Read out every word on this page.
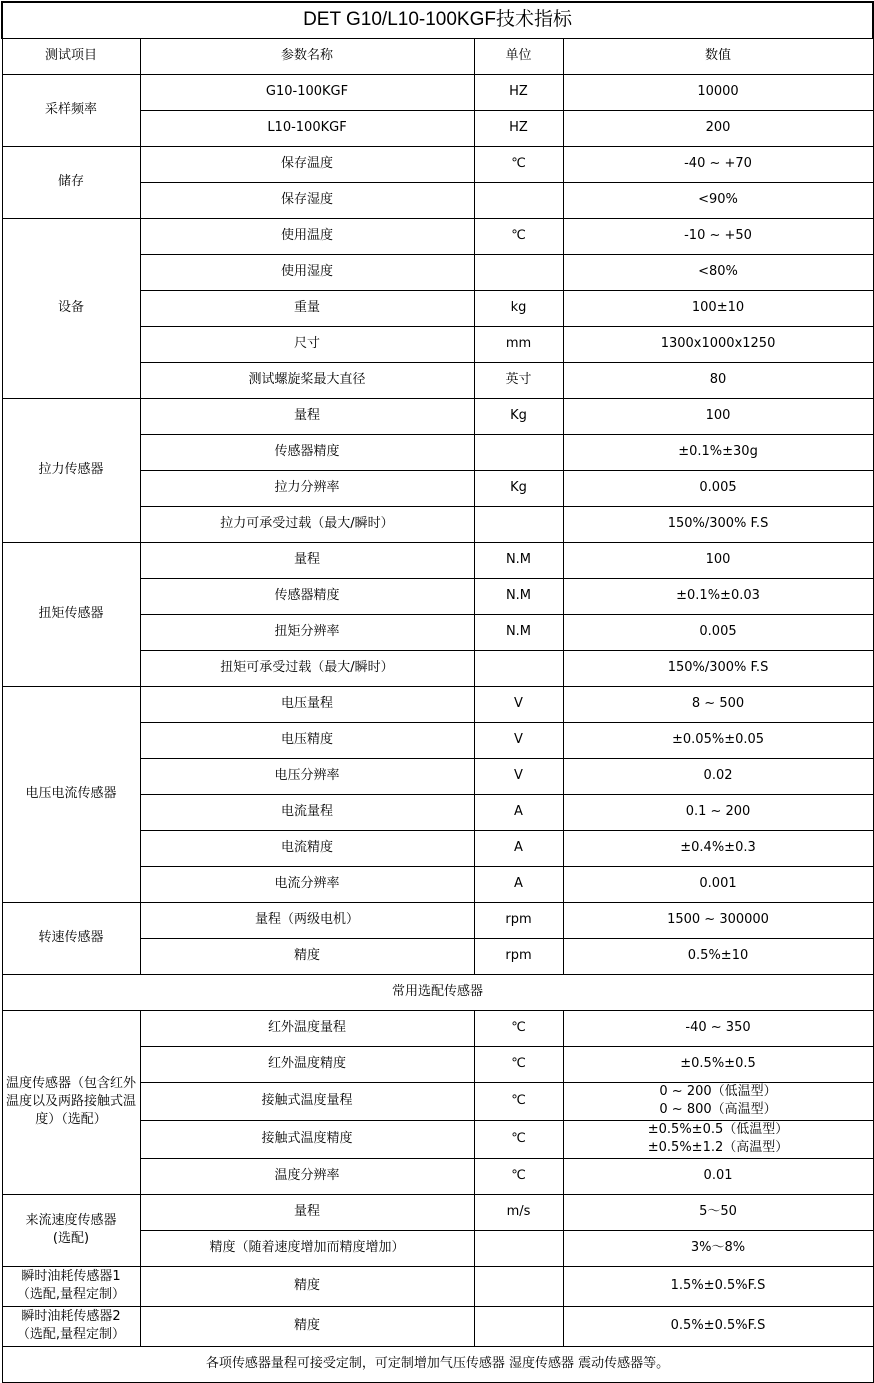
DET G10/L10-100KGF技术指标			
测试项目	参数名称	单位	数值
采样频率	G10-100KGF	HZ	10000
	L10-100KGF	HZ	200
储存	保存温度	℃	-40 ~ +70
	保存湿度		<90%
设备	使用温度	℃	-10 ~ +50
	使用湿度		<80%
	重量	kg	100±10
	尺寸	mm	1300x1000x1250
	测试螺旋桨最大直径	英寸	80
拉力传感器	量程	Kg	100
	传感器精度		±0.1%±30g
	拉力分辨率	Kg	0.005
	拉力可承受过载（最大/瞬时）		150%/300% F.S
扭矩传感器	量程	N.M	100
	传感器精度	N.M	±0.1%±0.03
	扭矩分辨率	N.M	0.005
	扭矩可承受过载（最大/瞬时）		150%/300% F.S
电压电流传感器	电压量程	V	8 ~ 500
	电压精度	V	±0.05%±0.05
	电压分辨率	V	0.02
	电流量程	A	0.1 ~ 200
	电流精度	A	±0.4%±0.3
	电流分辨率	A	0.001
转速传感器	量程（两级电机）	rpm	1500 ~ 300000
	精度	rpm	0.5%±10
常用选配传感器			
温度传感器（包含红外温度以及两路接触式温度）（选配）	红外温度量程	℃	-40 ~ 350
	红外温度精度	℃	±0.5%±0.5
	接触式温度量程	℃	0 ~ 200（低温型）
0 ~ 800（高温型）

	接触式温度精度	℃	±0.5%±0.5（低温型）
±0.5%±1.2（高温型）

	温度分辨率	℃	0.01

来流速度传感器
(选配)	量程	m/s	5～50
	精度（随着速度增加而精度增加）		3%～8%

瞬时油耗传感器1
（选配,量程定制）	精度		1.5%±0.5%F.S

瞬时油耗传感器2
（选配,量程定制）	精度		0.5%±0.5%F.S
各项传感器量程可接受定制，可定制增加气压传感器 湿度传感器 震动传感器等。			
